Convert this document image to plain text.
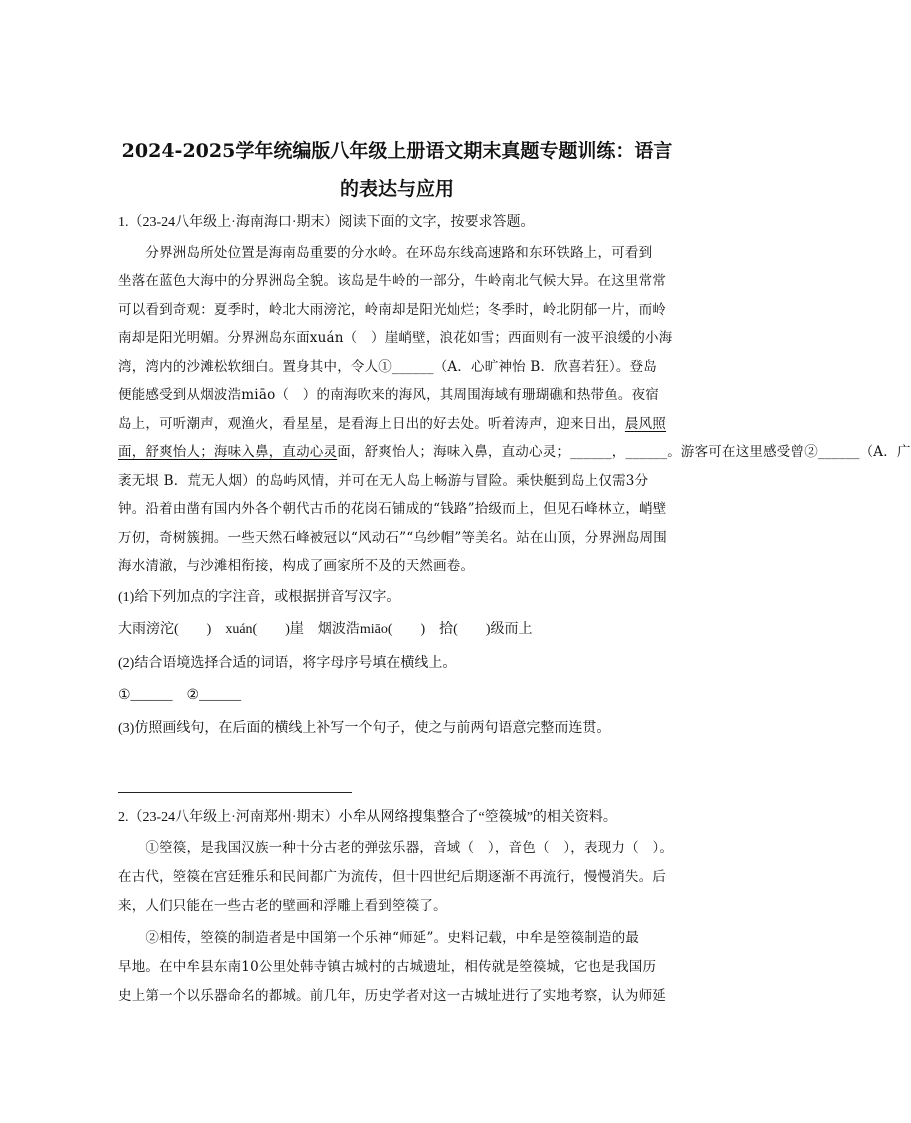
2024-2025学年统编版八年级上册语文期末真题专题训练：语言
的表达与应用
1.（23-24八年级上·海南海口·期末）阅读下面的文字，按要求答题。
　　分界洲岛所处位置是海南岛重要的分水岭。在环岛东线高速路和东环铁路上，可看到
坐落在蓝色大海中的分界洲岛全貌。该岛是牛岭的一部分，牛岭南北气候大异。在这里常常
可以看到奇观：夏季时，岭北大雨滂沱，岭南却是阳光灿烂；冬季时，岭北阴郁一片，而岭
南却是阳光明媚。分界洲岛东面xuán（　）崖峭壁，浪花如雪；西面则有一波平浪缓的小海
湾，湾内的沙滩松软细白。置身其中，令人①______（A．心旷神怡 B．欣喜若狂）。登岛
便能感受到从烟波浩miāo（　）的南海吹来的海风，其周围海域有珊瑚礁和热带鱼。夜宿
岛上，可听潮声，观渔火，看星星，是看海上日出的好去处。听着涛声，迎来日出，晨风照
面，舒爽怡人；海味入鼻，直动心灵面，舒爽怡人；海味入鼻，直动心灵；______，______。游客可在这里感受曾②______（A．广
袤无垠 B．荒无人烟）的岛屿风情，并可在无人岛上畅游与冒险。乘快艇到岛上仅需3分
钟。沿着由凿有国内外各个朝代古币的花岗石铺成的“钱路”拾级而上，但见石峰林立，峭壁
万仞，奇树簇拥。一些天然石峰被冠以“风动石”“乌纱帽”等美名。站在山顶，分界洲岛周围
海水清澈，与沙滩相衔接，构成了画家所不及的天然画卷。
(1)给下列加点的字注音，或根据拼音写汉字。
大雨滂沱(　　)　xuán(　　)崖　烟波浩miāo(　　)　拾(　　)级而上
(2)结合语境选择合适的词语，将字母序号填在横线上。
①______　②______
(3)仿照画线句，在后面的横线上补写一个句子，使之与前两句语意完整而连贯。
2.（23-24八年级上·河南郑州·期末）小牟从网络搜集整合了“箜篌城”的相关资料。
　　①箜篌，是我国汉族一种十分古老的弹弦乐器，音域（　），音色（　），表现力（　）。
在古代，箜篌在宫廷雅乐和民间都广为流传，但十四世纪后期逐渐不再流行，慢慢消失。后
来，人们只能在一些古老的壁画和浮雕上看到箜篌了。
　　②相传，箜篌的制造者是中国第一个乐神“师延”。史料记载，中牟是箜篌制造的最
早地。在中牟县东南10公里处韩寺镇古城村的古城遗址，相传就是箜篌城，它也是我国历
史上第一个以乐器命名的都城。前几年，历史学者对这一古城址进行了实地考察，认为师延
